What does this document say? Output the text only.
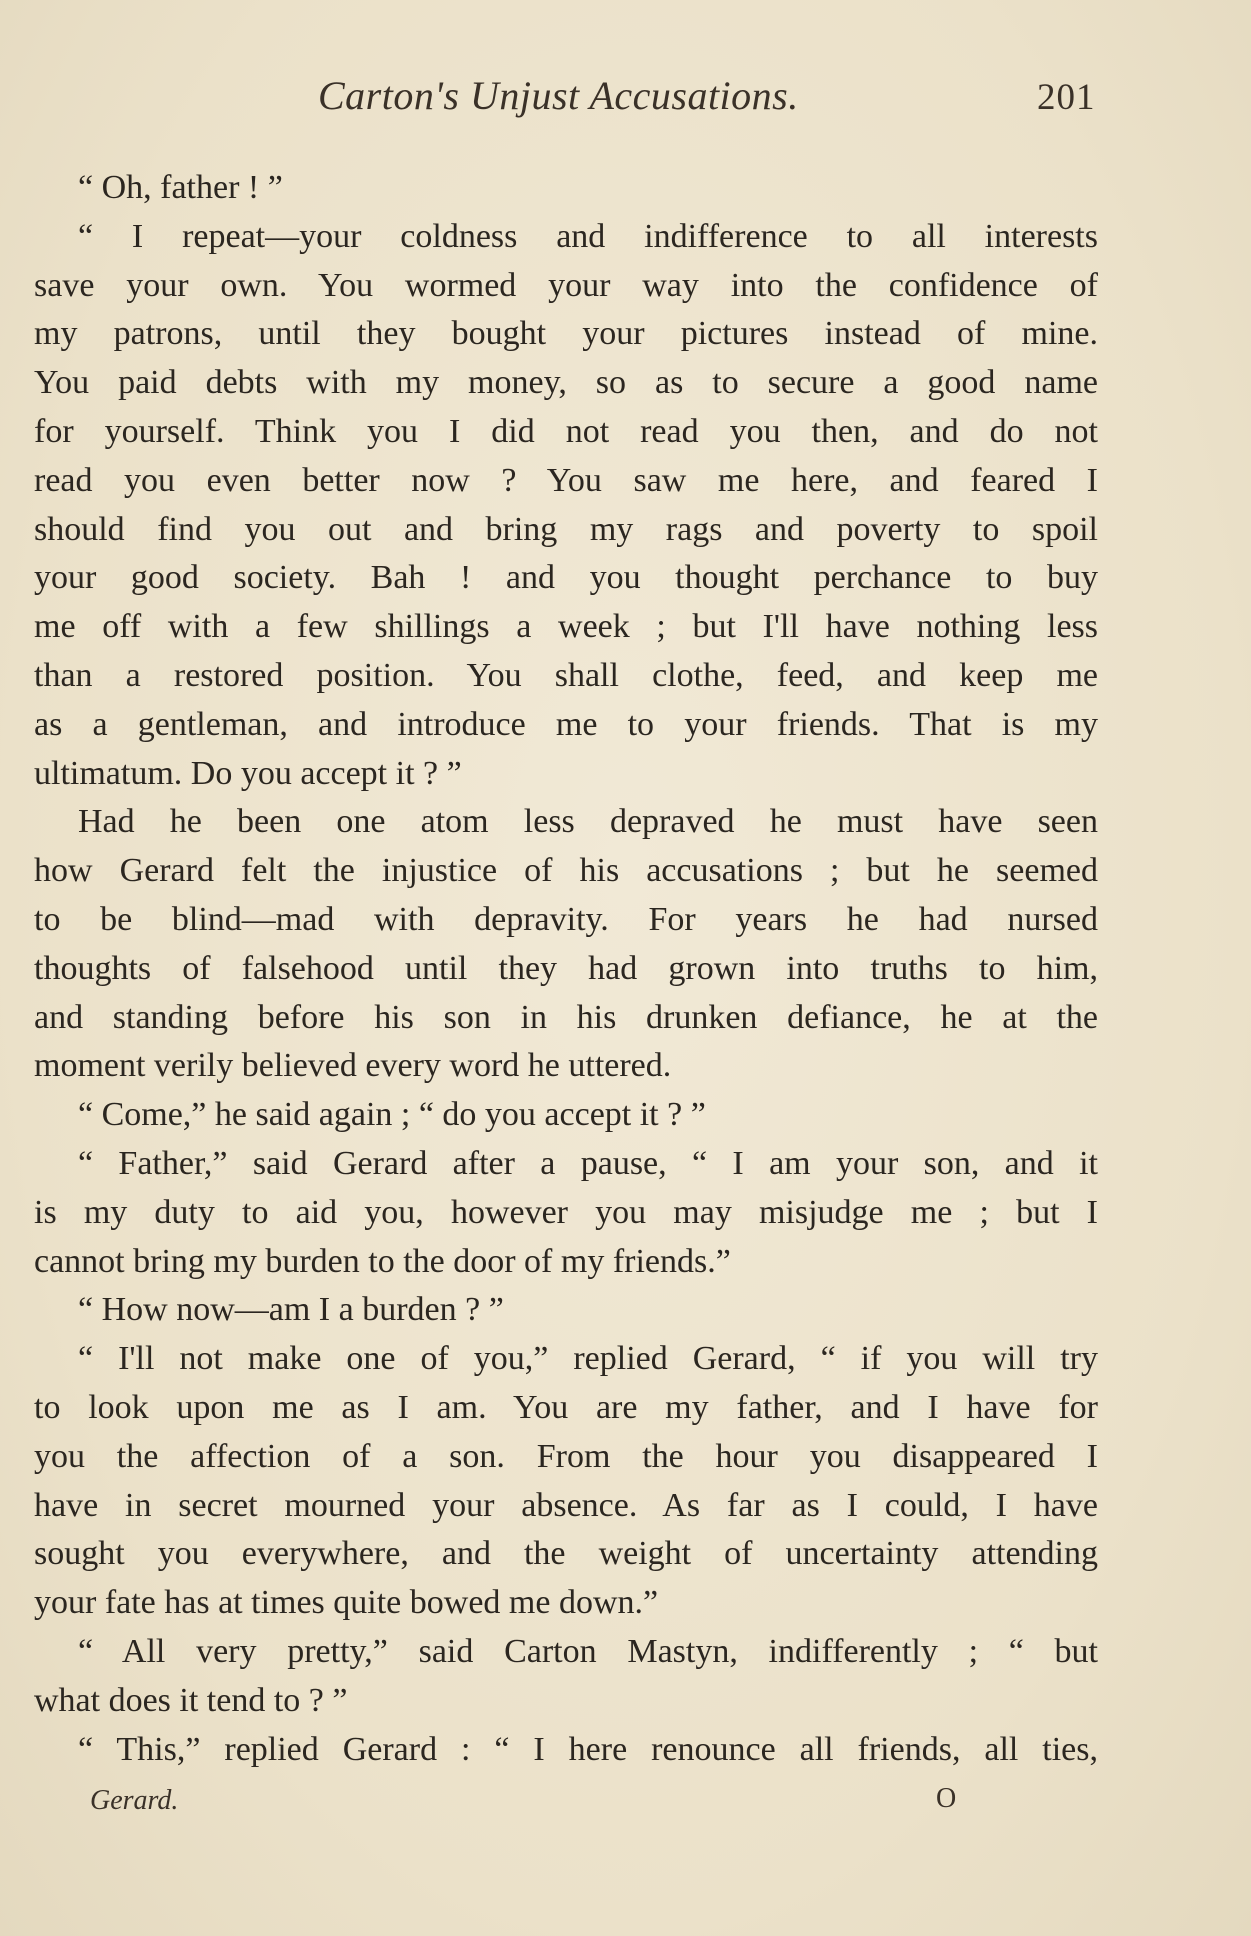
Carton's Unjust Accusations.	201
“ Oh, father ! ”
“ I repeat—your coldness and indifference to all interests
save your own. You wormed your way into the confidence of
my patrons, until they bought your pictures instead of mine.
You paid debts with my money, so as to secure a good name
for yourself. Think you I did not read you then, and do not
read you even better now ? You saw me here, and feared I
should find you out and bring my rags and poverty to spoil
your good society. Bah ! and you thought perchance to buy
me off with a few shillings a week ; but I'll have nothing less
than a restored position. You shall clothe, feed, and keep me
as a gentleman, and introduce me to your friends. That is my
ultimatum. Do you accept it ? ”
Had he been one atom less depraved he must have seen
how Gerard felt the injustice of his accusations ; but he seemed
to be blind—mad with depravity. For years he had nursed
thoughts of falsehood until they had grown into truths to him,
and standing before his son in his drunken defiance, he at the
moment verily believed every word he uttered.
“ Come,” he said again ; “ do you accept it ? ”
“ Father,” said Gerard after a pause, “ I am your son, and it
is my duty to aid you, however you may misjudge me ; but I
cannot bring my burden to the door of my friends.”
“ How now—am I a burden ? ”
“ I'll not make one of you,” replied Gerard, “ if you will try
to look upon me as I am. You are my father, and I have for
you the affection of a son. From the hour you disappeared I
have in secret mourned your absence. As far as I could, I have
sought you everywhere, and the weight of uncertainty attending
your fate has at times quite bowed me down.”
“ All very pretty,” said Carton Mastyn, indifferently ; “ but
what does it tend to ? ”
“ This,” replied Gerard : “ I here renounce all friends, all ties,
Gerard.	O
